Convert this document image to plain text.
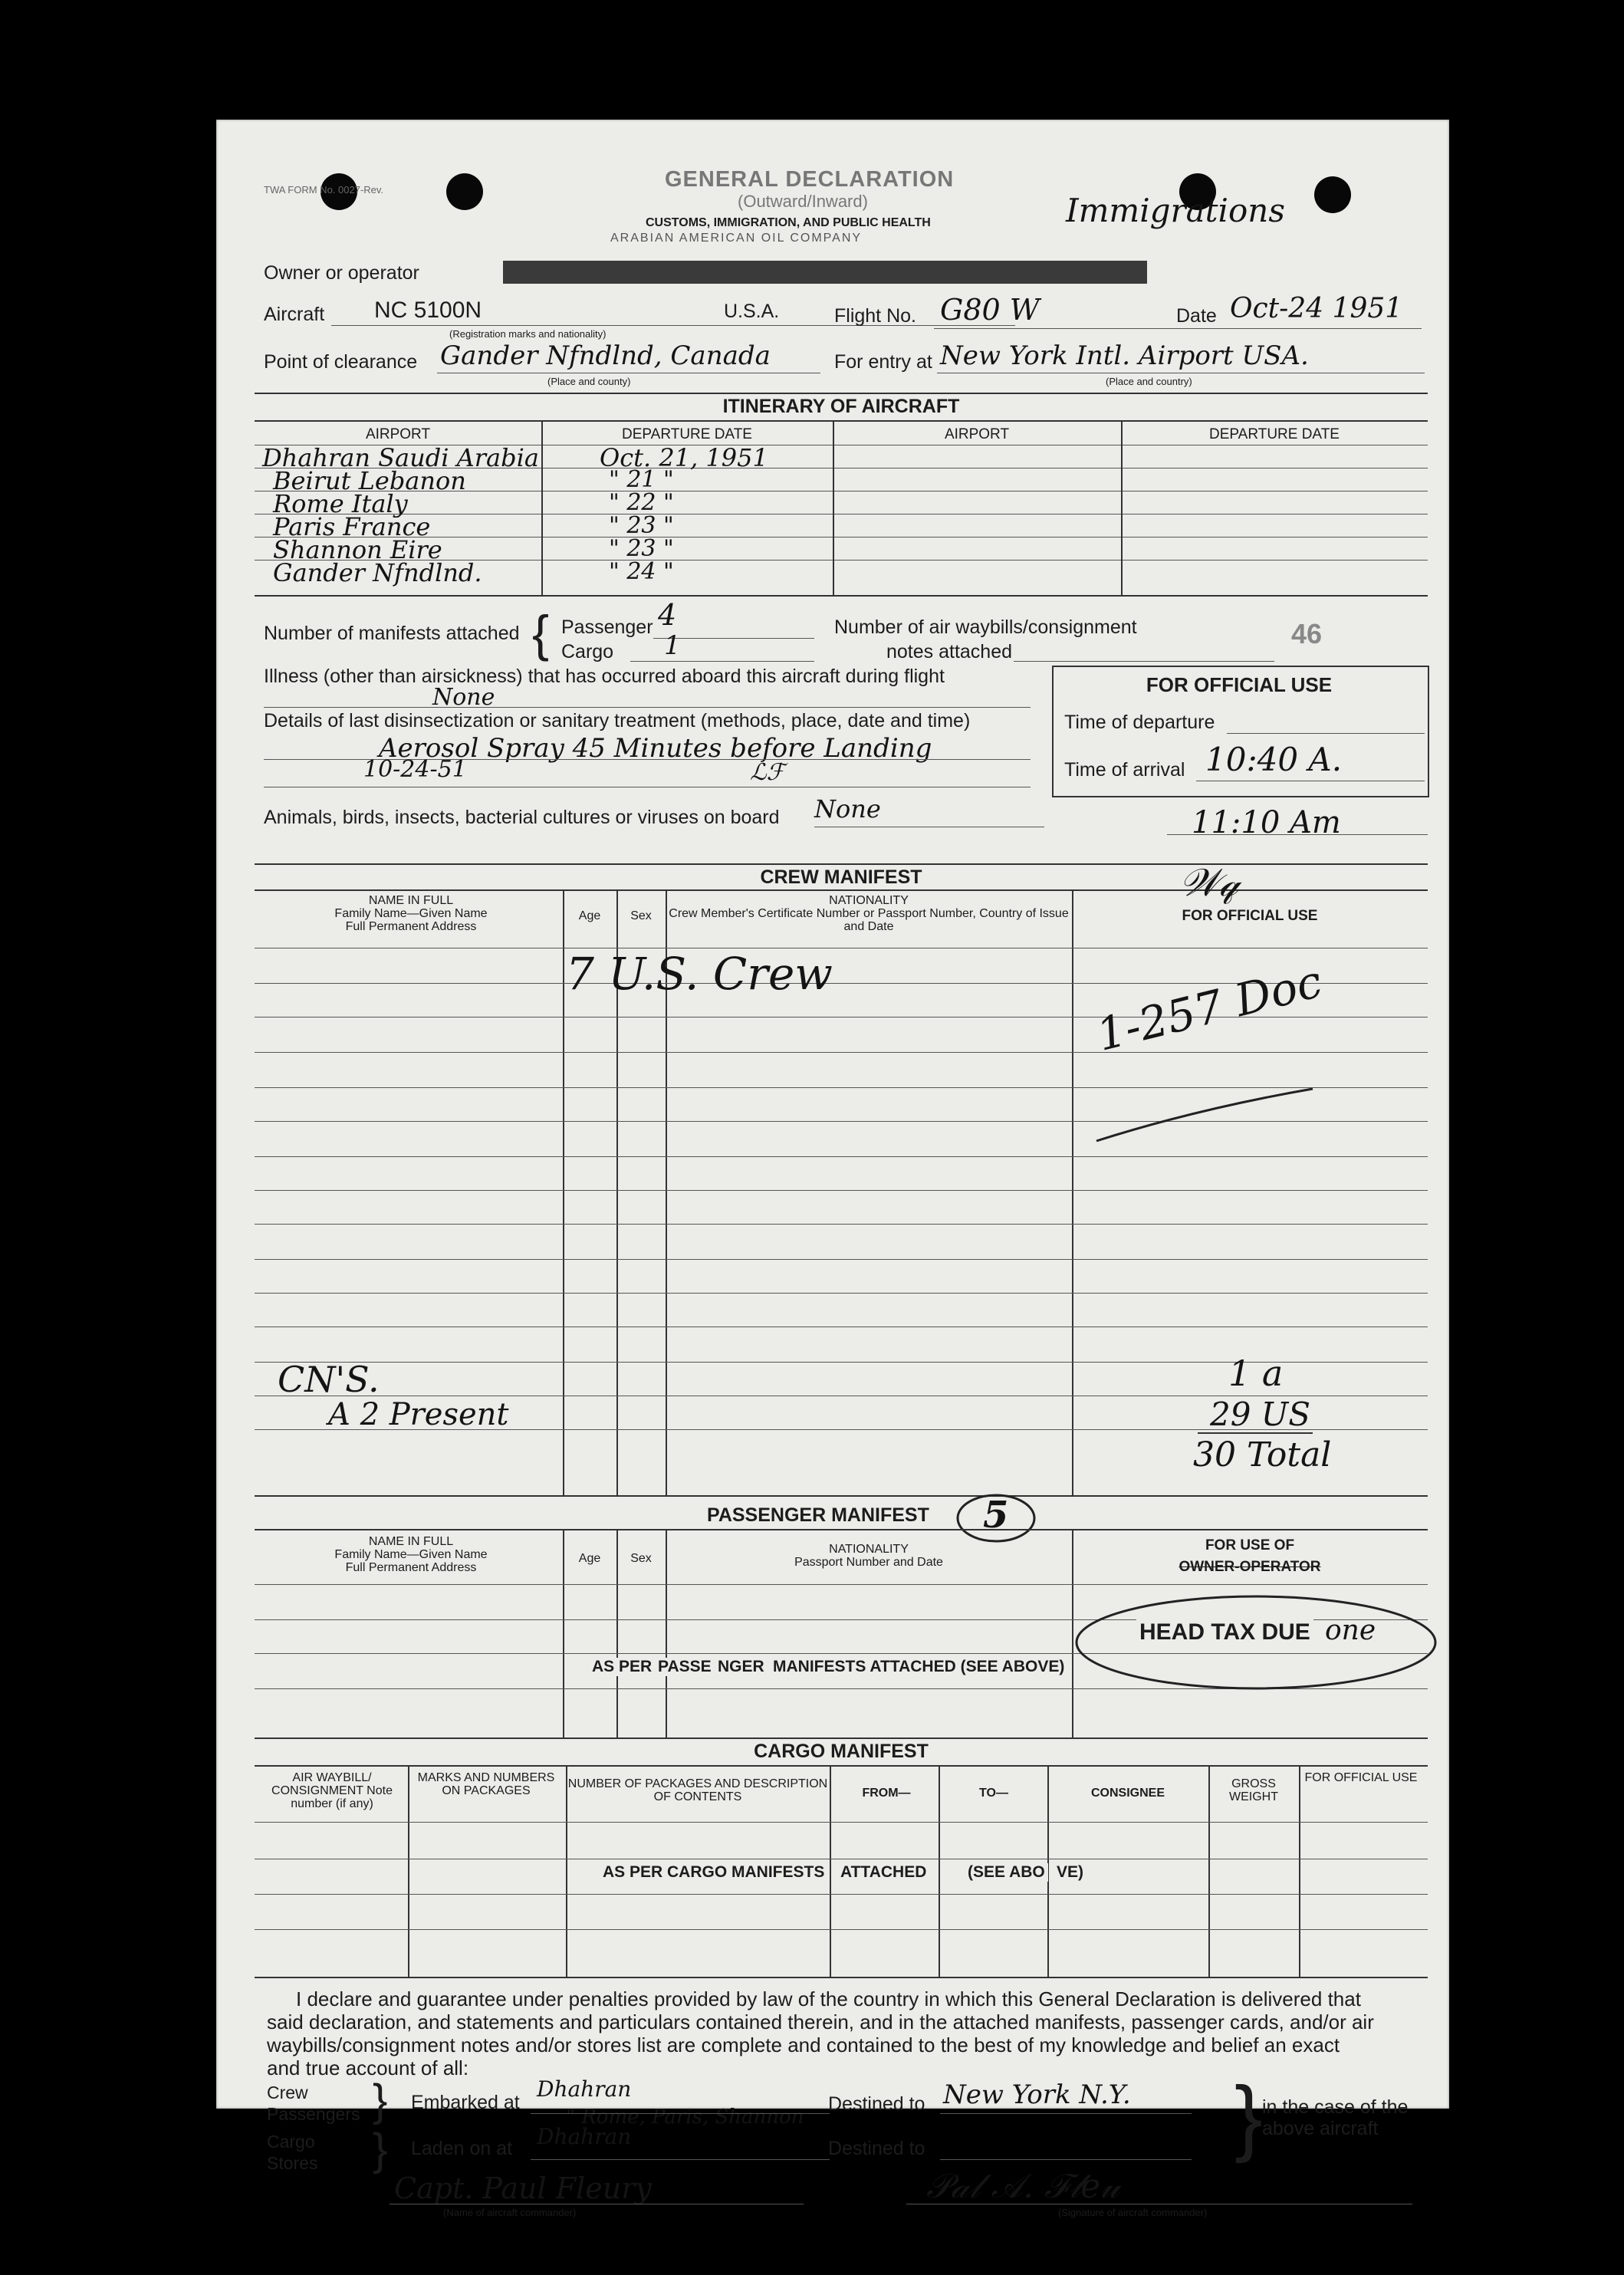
TWA FORM No. 0027-Rev.	GENERAL DECLARATION
(Outward/Inward)
CUSTOMS, IMMIGRATION, AND PUBLIC HEALTH
ARABIAN AMERICAN OIL COMPANY
Immigrations
Owner or operator
Aircraft NC 5100N	U.S.A.
(Registration marks and nationality)
Flight No. G80 W	Date Oct-24 1951
Point of clearance Gander Nfndlnd, Canada
(Place and county)
For entry at New York Intl. Airport USA.
(Place and country)
ITINERARY OF AIRCRAFT
AIRPORT	DEPARTURE DATE	AIRPORT	DEPARTURE DATE
Dhahran Saudi Arabia Oct. 21, 1951
Beirut Lebanon	" 21 "
Rome Italy	" 22 "
Paris France	" 23 "
Shannon Eire	" 23 "
Gander Nfndlnd.	" 24 "
Number of manifests attached { Passenger 4
Cargo 1
Number of air waybills/consignment
notes attached
46
FOR OFFICIAL USE
Time of departure
Time of arrival 10:40 A.
Illness (other than airsickness) that has occurred aboard this aircraft during flight
None
Details of last disinsectization or sanitary treatment (methods, place, date and time)
Aerosol Spray 45 Minutes before Landing
10-24-51	ℒℱ
Animals, birds, insects, bacterial cultures or viruses on board None	11:10 Am
CREW MANIFEST
NAME IN FULL
Family Name—Given Name
Full Permanent Address
Age	Sex
NATIONALITY
Crew Member's Certificate Number or Passport Number, Country of Issue and Date
FOR OFFICIAL USE
7 U.S. Crew
𝒲𝓆
1-257 Doc
CN'S.
A 2 Present
1 a
29 US
30 Total
PASSENGER MANIFEST 5
NAME IN FULL
Family Name—Given Name
Full Permanent Address
Age	Sex
NATIONALITY
Passport Number and Date
FOR USE OF
OWNER-OPERATOR
AS PER PASSE NGER MANIFESTS ATTACHED (SEE ABOVE)
HEAD TAX DUE one
CARGO MANIFEST
AIR WAYBILL/ CONSIGNMENT Note number (if any)
MARKS AND NUMBERS ON PACKAGES
NUMBER OF PACKAGES AND DESCRIPTION OF CONTENTS	FROM—	TO—	CONSIGNEE
GROSS WEIGHT
FOR OFFICIAL USE
AS PER CARGO MANIFESTS ATTACHED	(SEE ABO VE)
I declare and guarantee under penalties provided by law of the country in which this General Declaration is delivered that
said declaration, and statements and particulars contained therein, and in the attached manifests, passenger cards, and/or air
waybills/consignment notes and/or stores list are complete and contained to the best of my knowledge and belief an exact
and true account of all:
Crew
Passengers
Cargo
Stores
}
}
Embarked at
Dhahran
" Rome, Paris, Shannon
Laden on at Dhahran
Destined to New York N.Y.
Destined to	} in the case of the
above aircraft
Capt. Paul Fleury
(Name of aircraft commander)
𝒫𝒶𝓁 𝒜. ℱ𝓁𝑒𝓊
(Signature of aircraft commander)
